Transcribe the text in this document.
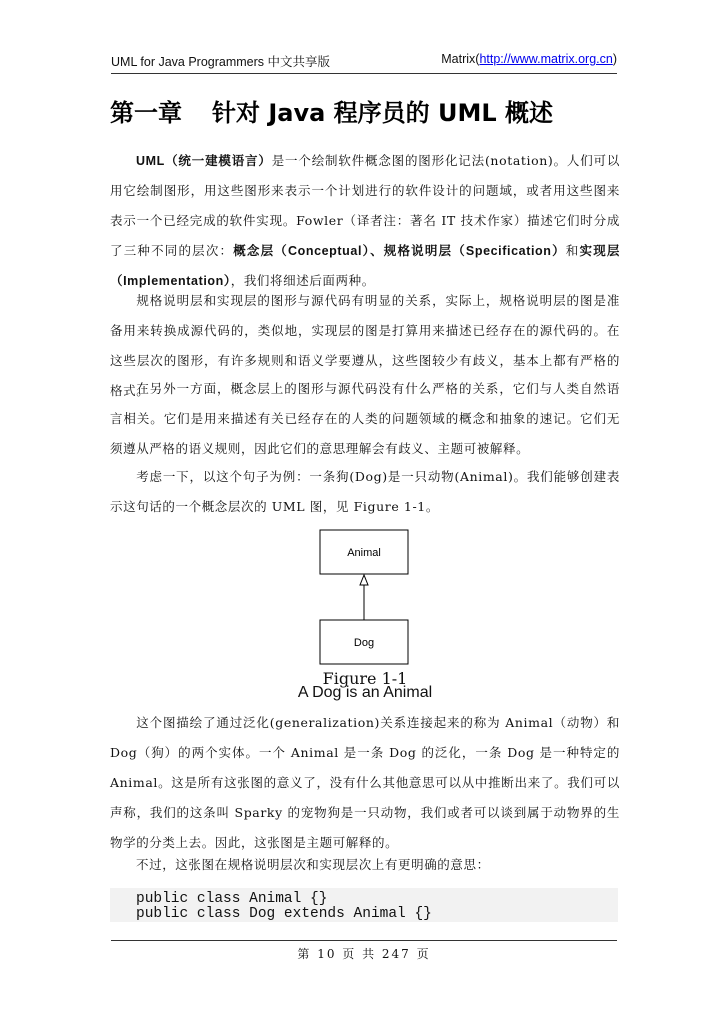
UML for Java Programmers 中文共享版	Matrix(http://www.matrix.org.cn)
第一章 针对 Java 程序员的 UML 概述
UML（统一建模语言）是一个绘制软件概念图的图形化记法(notation)。人们可以用它绘制图形，用这些图形来表示一个计划进行的软件设计的问题域，或者用这些图来表示一个已经完成的软件实现。Fowler（译者注：著名 IT 技术作家）描述它们时分成了三种不同的层次：概念层（Conceptual）、规格说明层（Specification）和实现层（Implementation），我们将细述后面两种。
规格说明层和实现层的图形与源代码有明显的关系，实际上，规格说明层的图是准备用来转换成源代码的，类似地，实现层的图是打算用来描述已经存在的源代码的。在这些层次的图形，有许多规则和语义学要遵从，这些图较少有歧义，基本上都有严格的格式。
在另外一方面，概念层上的图形与源代码没有什么严格的关系，它们与人类自然语言相关。它们是用来描述有关已经存在的人类的问题领域的概念和抽象的速记。它们无须遵从严格的语义规则，因此它们的意思理解会有歧义、主题可被解释。
考虑一下，以这个句子为例：一条狗(Dog)是一只动物(Animal)。我们能够创建表示这句话的一个概念层次的 UML 图，见 Figure 1-1。
Animal
Dog
Figure 1-1
A Dog is an Animal
这个图描绘了通过泛化(generalization)关系连接起来的称为 Animal（动物）和 Dog（狗）的两个实体。一个 Animal 是一条 Dog 的泛化，一条 Dog 是一种特定的 Animal。这是所有这张图的意义了，没有什么其他意思可以从中推断出来了。我们可以声称，我们的这条叫 Sparky 的宠物狗是一只动物，我们或者可以谈到属于动物界的生物学的分类上去。因此，这张图是主题可解释的。
不过，这张图在规格说明层次和实现层次上有更明确的意思：
public class Animal {}
public class Dog extends Animal {}
第 10 页 共 247 页
